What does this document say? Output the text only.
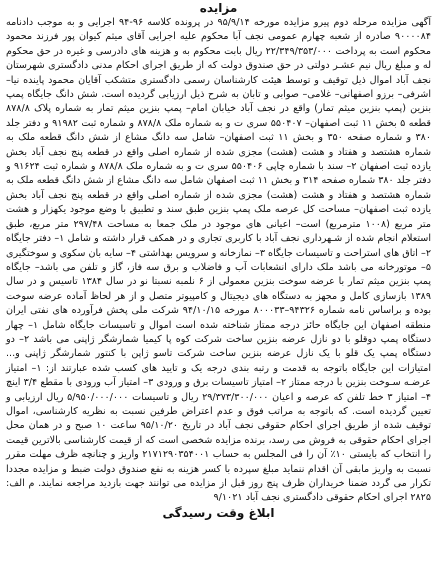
مزایده
آگهی مزایده مرحله دوم پیرو مزایده مورخه ۹۵/۹/۱۴ در پرونده کلاسه ۹۶-۹۴ اجرایی و به موجب دادنامه ۹۰۰۰۰۸۴ صادره از شعبه چهارم عمومی نجف آبا محکوم علیه اجرایی آقای میثم کیوان پور فرزند محمود محکوم است به پرداخت ۲۲/۳۴۹/۳۵۳/۰۰۰ ریال بابت محکوم به و هزینه های دادرسی و غیره در حق محکوم له و مبلغ ریال نیم عشـر دولتی در حق صندوق دولت که از طریق اجرای احکام مدنی دادگستری شهرستان نجف آباد اموال ذیل توقیف و توسط هیئت کارشناسان رسمی دادگستری متشکب آقایان محمود پاینده نیا–اشرفی– برزو اصفهانی– غلامی– صوابی و تابان به شرح ذیل ارزیابی گردیده است. شش دانگ جایگاه پمپ بنزین (پمپ بنزین میثم تمار) واقع در نجف آباد خیابان امام– پمپ بنزین میثم تمار به شماره پلاک ۸۷۸/۸ قطعه ۵ بخش ۱۱ ثبت اصفهان– ۵۵۰۴۰۷ سری ت و به شماره ملک ۸۷۸/۸ و شماره ثبت ۹۱۹۸۲ و دفتر جلد ۳۸۰ و شماره صفحه ۳۵۰ و بخش ۱۱ ثبت اصفهان– شامل سه دانگ مشاع از شش دانگ قطعه ملک به شماره هشتصد و هفتاد و هشت (هشت) مجزی شده از شماره اصلی واقع در قطعه پنج نجف آباد بخش یازده ثبت اصفهان ۲– سند با شماره چاپی ۵۵۰۴۰۶ سری ت و به شماره ملک ۸۷۸/۸ و شماره ثبت ۹۱۶۲۴ و دفتر جلد ۳۸۰ شماره صفحه ۳۱۴ و بخش ۱۱ ثبت اصفهان شامل سه دانگ مشاع از شش دانگ قطعه ملک به شماره هشتصد و هفتاد و هشت (هشت) مجزی شده از شماره اصلی واقع در قطعه پنج نجف آباد بخش یازده ثبت اصفهان– مساحت کل عرصه ملک پمپ بنزین طبق سند و تطبیق با وضع موجود یکهزار و هشت متر مربع (۱۰۰۸ مترمربع) است– اعیانی های موجود در ملک جمعا به مساحت ۲۹۷/۴۸ متر مربع، طبق استعلام انجام شده از شـهرداری نجف آباد با کاربری تجاری و در همکف قرار داشته و شامل ۱– دفتر جایگاه ۲– اتاق های استراحت و تاسیسات جایگاه ۳– نمازخانه و سرویس بهداشتی ۴– سایه بان سکوی و سوختگیری ۵– موتورخانه می باشد ملک دارای انشعابات آب و فاضلاب و برق سه فاز، گاز و تلفن می باشد– جایگاه پمپ بنزین میثم تمار با عرضه سوخت بنزین معمولی از ۶ نلمبه نسبتا نو در سال ۱۳۸۴ تاسیس و در سال ۱۳۸۹ بازسازی کامل و مجهز به دستگاه های دیجیتال و کامپیوتر متصل و از هر لحاظ آماده عرضه سوخت بوده و براساس نامه شماره ۹۴۳۲۶–۸۰۰۰۳۳ مورخه ۹۴/۱۰/۱۵ شرکت ملی پخش فرآورده های نفتی ایران منطقه اصفهان این جایگاه حائز درجه ممتاز شناخته شده است اموال و تاسیسات جایگاه شامل ۱– چهار دستگاه پمپ دوقلو با دو نازل عرضه بنزین ساخت شرکت کوه پا کیمیا شمارشگر ژاپنی می باشد ۲– دو دستگاه پمپ یک قلو با یک نازل عرضه بنزین ساخت شرکت تاسو ژاپن با کنتور شمارشگر ژاپنی و... امتیازات این جایگاه باتوجه به قدمت و رتبه بندی درجه یک و تایید های کسب شده عبارتند از: ۱– امتیاز عرضـه سـوخت بنزین با درجه ممتاز ۲– امتیاز تاسیسات برق و ورودی ۳– امتیاز آب ورودی با مقطع ۳/۴ اینچ ۴– امتیاز ۳ خط تلفن که عرصه و اعیان ۲۹/۳۷۳/۳۰۰/۰۰۰ ریال و تاسیسات ۵/۹۵۰/۰۰۰/۰۰۰ ریال ارزیابی و تعیین گردیده است. که باتوجه به مراتب فوق و عدم اعتراض طرفین نسبت به نظریه کارشناسی، اموال توقیف شده از طریق اجرای احکام حقوقی نجف آباد در تاریخ ۹۵/۱۰/۲۰ ساعت ۱۰ صبح و در همان محل اجرای احکام حقوقی به فروش می رسد، برنده مزایده شخصی است که از قیمت کارشناسی بالاترین قیمت را انتخاب که بایستی ۱۰٪ آن را فی المجلس به حساب ۲۱۷۱۲۹۰۳۵۴۰۰۱ واریز و چنانچه ظرف مهلت مقرر نسبت به واریز مابقی آن اقدام ننماید مبلغ سپرده با کسر هزینه به نفع صندوق دولت ضبط و مزایده مجددا تکرار می گردد ضمنا خریداران ظرف پنج روز قبل از مزایده می توانند جهت بازدید مراجعه نمایند. م الف: ۲۸۲۵ اجرای احکام حقوقی دادگستری نجف آباد ۹/۱۰۲۱
ابلاغ وقت رسیدگی
